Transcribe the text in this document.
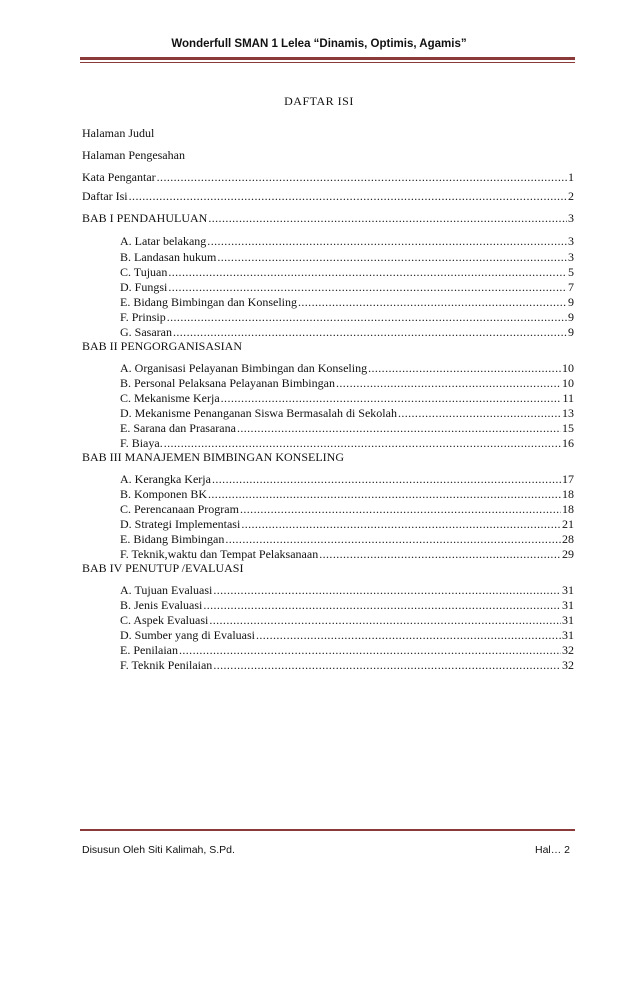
Wonderfull SMAN 1 Lelea “Dinamis, Optimis, Agamis”
DAFTAR ISI
Halaman Judul
Halaman Pengesahan
Kata Pengantar .....	1
Daftar Isi .....	2
BAB I PENDAHULUAN .....	3
A. Latar belakang .....	3
B. Landasan hukum .....	3
C. Tujuan .....	5
D. Fungsi .....	7
E. Bidang Bimbingan dan Konseling .....	9
F. Prinsip .....	9
G. Sasaran .....	9
BAB II PENGORGANISASIAN
A. Organisasi Pelayanan Bimbingan dan Konseling .....	10
B. Personal Pelaksana Pelayanan Bimbingan .....	10
C. Mekanisme Kerja .....	11
D. Mekanisme Penanganan Siswa Bermasalah di Sekolah .....	13
E. Sarana dan Prasarana .....	15
F. Biaya. .....	16
BAB III MANAJEMEN BIMBINGAN KONSELING
A. Kerangka Kerja .....	17
B. Komponen BK .....	18
C. Perencanaan Program .....	18
D. Strategi Implementasi .....	21
E. Bidang Bimbingan .....	28
F. Teknik,waktu dan Tempat Pelaksanaan .....	29
BAB IV PENUTUP /EVALUASI
A. Tujuan Evaluasi .....	31
B. Jenis Evaluasi .....	31
C. Aspek Evaluasi .....	31
D. Sumber yang di Evaluasi .....	31
E. Penilaian .....	32
F. Teknik Penilaian .....	32
Disusun Oleh Siti Kalimah, S.Pd.	Hal… 2
